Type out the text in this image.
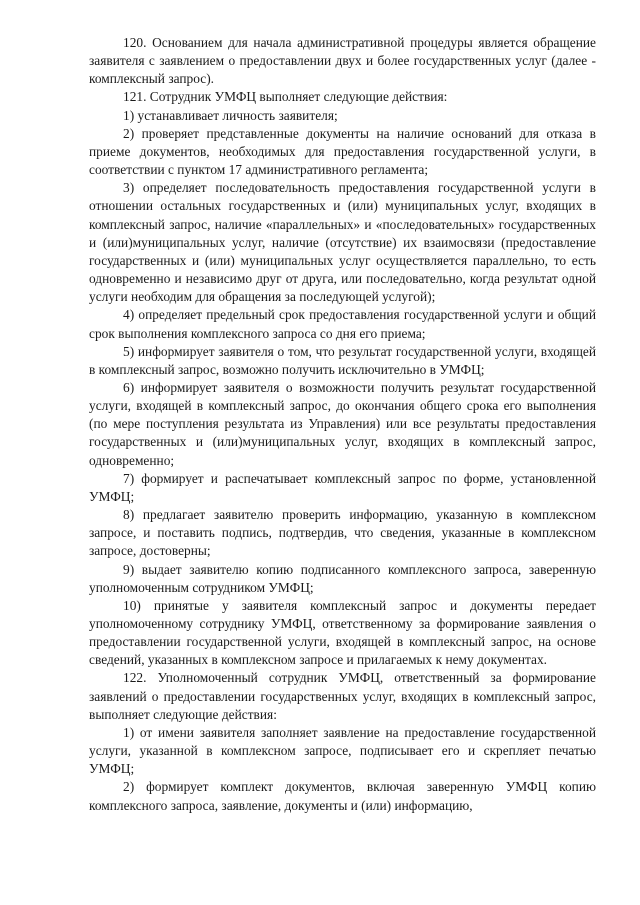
120. Основанием для начала административной процедуры является обращение заявителя с заявлением о предоставлении двух и более государственных услуг (далее - комплексный запрос).

121. Сотрудник УМФЦ выполняет следующие действия:

1) устанавливает личность заявителя;

2) проверяет представленные документы на наличие оснований для отказа в приеме документов, необходимых для предоставления государственной услуги, в соответствии с пунктом 17 административного регламента;

3) определяет последовательность предоставления государственной услуги в отношении остальных государственных и (или) муниципальных услуг, входящих в комплексный запрос, наличие «параллельных» и «последовательных» государственных и (или)муниципальных услуг, наличие (отсутствие) их взаимосвязи (предоставление государственных и (или) муниципальных услуг осуществляется параллельно, то есть одновременно и независимо друг от друга, или последовательно, когда результат одной услуги необходим для обращения за последующей услугой);

4) определяет предельный срок предоставления государственной услуги и общий срок выполнения комплексного запроса со дня его приема;

5) информирует заявителя о том, что результат государственной услуги, входящей в комплексный запрос, возможно получить исключительно в УМФЦ;

6) информирует заявителя о возможности получить результат государственной услуги, входящей в комплексный запрос, до окончания общего срока его выполнения (по мере поступления результата из Управления) или все результаты предоставления государственных и (или)муниципальных услуг, входящих в комплексный запрос, одновременно;

7) формирует и распечатывает комплексный запрос по форме, установленной УМФЦ;

8) предлагает заявителю проверить информацию, указанную в комплексном запросе, и поставить подпись, подтвердив, что сведения, указанные в комплексном запросе, достоверны;

9) выдает заявителю копию подписанного комплексного запроса, заверенную уполномоченным сотрудником УМФЦ;

10) принятые у заявителя комплексный запрос и документы передает уполномоченному сотруднику УМФЦ, ответственному за формирование заявления о предоставлении государственной услуги, входящей в комплексный запрос, на основе сведений, указанных в комплексном запросе и прилагаемых к нему документах.

122. Уполномоченный сотрудник УМФЦ, ответственный за формирование заявлений о предоставлении государственных услуг, входящих в комплексный запрос, выполняет следующие действия:

1) от имени заявителя заполняет заявление на предоставление государственной услуги, указанной в комплексном запросе, подписывает его и скрепляет печатью УМФЦ;

2) формирует комплект документов, включая заверенную УМФЦ копию комплексного запроса, заявление, документы и (или) информацию,
